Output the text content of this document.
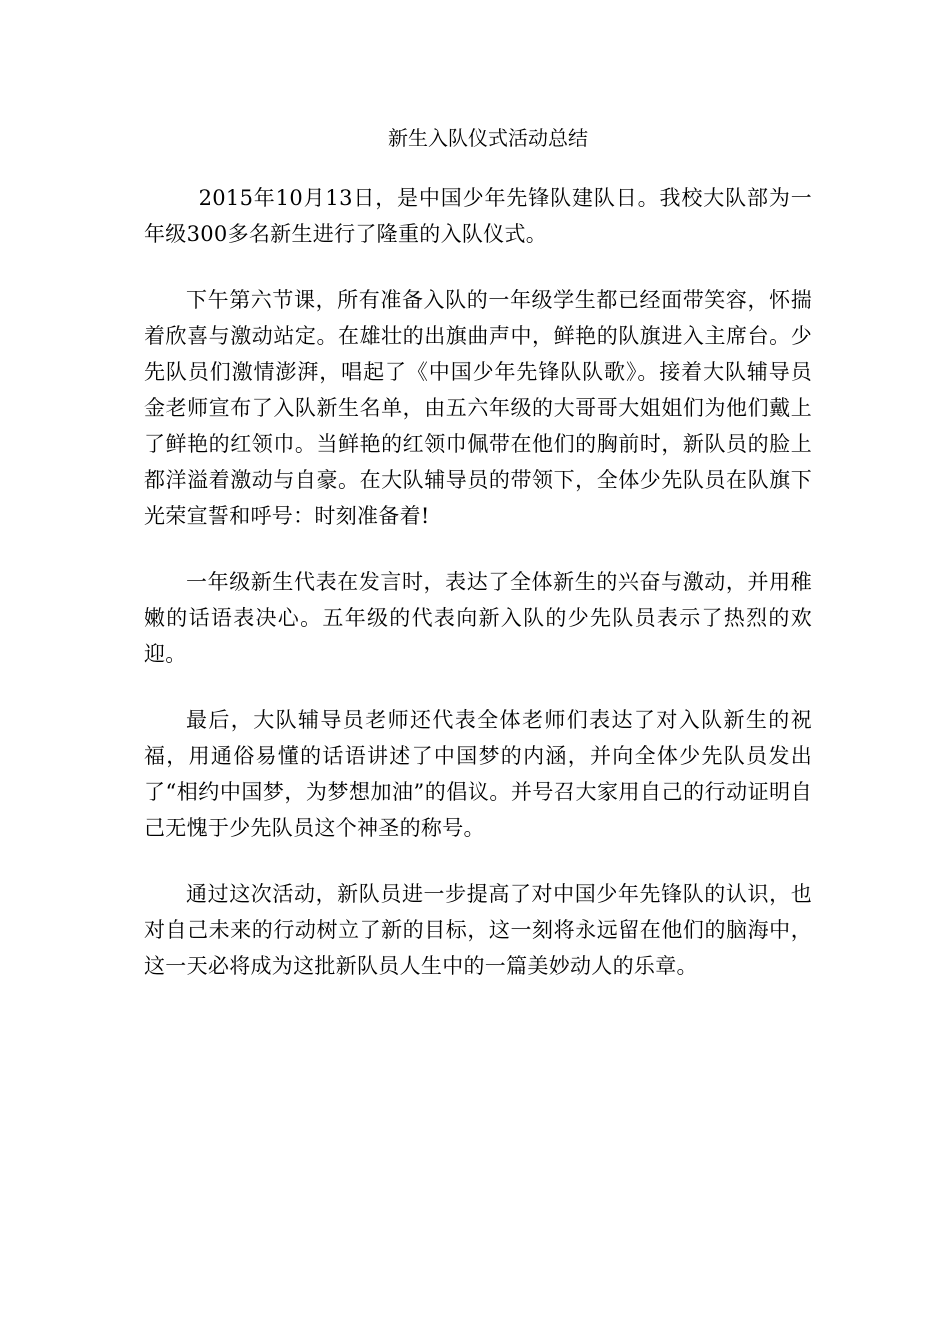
新生入队仪式活动总结

2015年10月13日，是中国少年先锋队建队日。我校大队部为一年级300多名新生进行了隆重的入队仪式。

下午第六节课，所有准备入队的一年级学生都已经面带笑容，怀揣着欣喜与激动站定。在雄壮的出旗曲声中，鲜艳的队旗进入主席台。少先队员们激情澎湃，唱起了《中国少年先锋队队歌》。接着大队辅导员金老师宣布了入队新生名单，由五六年级的大哥哥大姐姐们为他们戴上了鲜艳的红领巾。当鲜艳的红领巾佩带在他们的胸前时，新队员的脸上都洋溢着激动与自豪。在大队辅导员的带领下，全体少先队员在队旗下光荣宣誓和呼号：时刻准备着!

一年级新生代表在发言时，表达了全体新生的兴奋与激动，并用稚嫩的话语表决心。五年级的代表向新入队的少先队员表示了热烈的欢迎。

最后，大队辅导员老师还代表全体老师们表达了对入队新生的祝福，用通俗易懂的话语讲述了中国梦的内涵，并向全体少先队员发出了“相约中国梦，为梦想加油”的倡议。并号召大家用自己的行动证明自己无愧于少先队员这个神圣的称号。

通过这次活动，新队员进一步提高了对中国少年先锋队的认识，也对自己未来的行动树立了新的目标，这一刻将永远留在他们的脑海中，这一天必将成为这批新队员人生中的一篇美妙动人的乐章。
